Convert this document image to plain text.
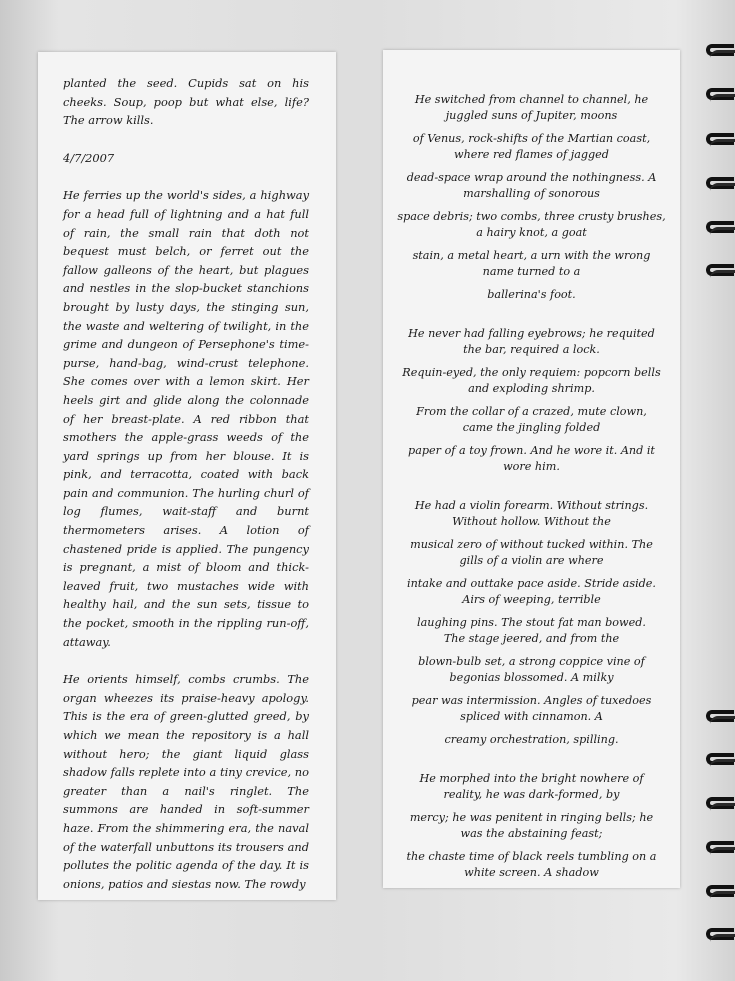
planted the seed. Cupids sat on his cheeks. Soup, poop but what else, life? The arrow kills.

4/7/2007

He ferries up the world's sides, a highway for a head full of lightning and a hat full of rain, the small rain that doth not bequest must belch, or ferret out the fallow galleons of the heart, but plagues and nestles in the slop-bucket stanchions brought by lusty days, the stinging sun, the waste and weltering of twilight, in the grime and dungeon of Persephone's time-purse, hand-bag, wind-crust telephone. She comes over with a lemon skirt. Her heels girt and glide along the colonnade of her breast-plate. A red ribbon that smothers the apple-grass weeds of the yard springs up from her blouse. It is pink, and terracotta, coated with back pain and communion. The hurling churl of log flumes, wait-staff and burnt thermometers arises. A lotion of chastened pride is applied. The pungency is pregnant, a mist of bloom and thick-leaved fruit, two mustaches wide with healthy hail, and the sun sets, tissue to the pocket, smooth in the rippling run-off, attaway.

He orients himself, combs crumbs. The organ wheezes its praise-heavy apology. This is the era of green-glutted greed, by which we mean the repository is a hall without hero; the giant liquid glass shadow falls replete into a tiny crevice, no greater than a nail's ringlet. The summons are handed in soft-summer haze. From the shimmering era, the naval of the waterfall unbuttons its trousers and pollutes the politic agenda of the day. It is onions, patios and siestas now. The rowdy

He switched from channel to channel, he
juggled suns of Jupiter, moons
of Venus, rock-shifts of the Martian coast,
where red flames of jagged
dead-space wrap around the nothingness. A
marshalling of sonorous
space debris; two combs, three crusty brushes,
a hairy knot, a goat
stain, a metal heart, a urn with the wrong
name turned to a
ballerina's foot.
He never had falling eyebrows; he requited
the bar, required a lock.
Requin-eyed, the only requiem: popcorn bells
and exploding shrimp.
From the collar of a crazed, mute clown,
came the jingling folded
paper of a toy frown. And he wore it. And it
wore him.
He had a violin forearm. Without strings.
Without hollow. Without the
musical zero of without tucked within. The
gills of a violin are where
intake and outtake pace aside. Stride aside.
Airs of weeping, terrible
laughing pins. The stout fat man bowed.
The stage jeered, and from the
blown-bulb set, a strong coppice vine of
begonias blossomed. A milky
pear was intermission. Angles of tuxedoes
spliced with cinnamon. A
creamy orchestration, spilling.
He morphed into the bright nowhere of
reality, he was dark-formed, by
mercy; he was penitent in ringing bells; he
was the abstaining feast;
the chaste time of black reels tumbling on a
white screen. A shadow
